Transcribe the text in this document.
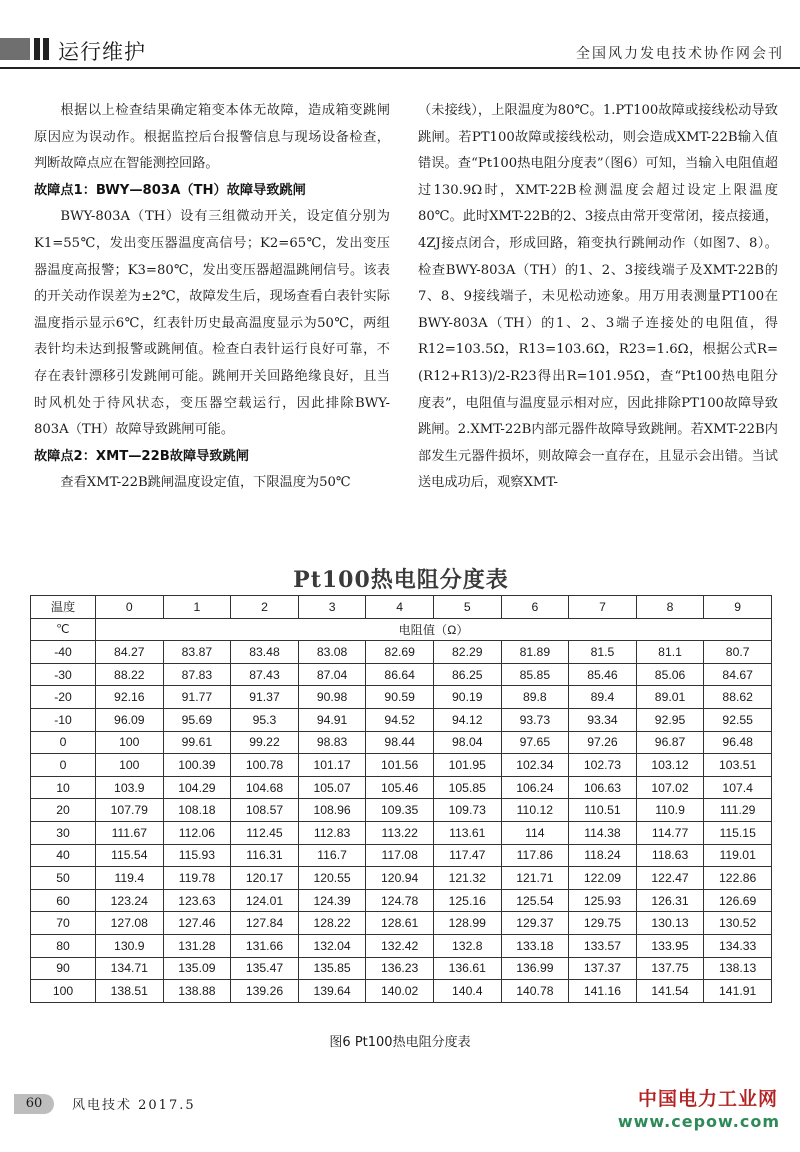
运行维护	全国风力发电技术协作网会刊

根据以上检查结果确定箱变本体无故障，造成箱变跳闸原因应为误动作。根据监控后台报警信息与现场设备检查，判断故障点应在智能测控回路。

故障点1：BWY—803A（TH）故障导致跳闸

BWY-803A（TH）设有三组微动开关，设定值分别为K1=55℃，发出变压器温度高信号；K2=65℃，发出变压器温度高报警；K3=80℃，发出变压器超温跳闸信号。该表的开关动作误差为±2℃，故障发生后，现场查看白表针实际温度指示显示6℃，红表针历史最高温度显示为50℃，两组表针均未达到报警或跳闸值。检查白表针运行良好可靠，不存在表针漂移引发跳闸可能。跳闸开关回路绝缘良好，且当时风机处于待风状态，变压器空载运行，因此排除BWY-803A（TH）故障导致跳闸可能。

故障点2：XMT—22B故障导致跳闸

查看XMT-22B跳闸温度设定值，下限温度为50℃

（未接线），上限温度为80℃。1.PT100故障或接线松动导致跳闸。若PT100故障或接线松动，则会造成XMT-22B输入值错误。查“Pt100热电阻分度表”（图6）可知，当输入电阻值超过130.9Ω时，XMT-22B检测温度会超过设定上限温度80℃。此时XMT-22B的2、3接点由常开变常闭，接点接通，4ZJ接点闭合，形成回路，箱变执行跳闸动作（如图7、8）。检查BWY-803A（TH）的1、2、3接线端子及XMT-22B的7、8、9接线端子，未见松动迹象。用万用表测量PT100在BWY-803A（TH）的1、2、3端子连接处的电阻值，得R12=103.5Ω，R13=103.6Ω，R23=1.6Ω，根据公式R=(R12+R13)/2-R23得出R=101.95Ω，查“Pt100热电阻分度表”，电阻值与温度显示相对应，因此排除PT100故障导致跳闸。2.XMT-22B内部元器件故障导致跳闸。若XMT-22B内部发生元器件损坏，则故障会一直存在，且显示会出错。当试送电成功后，观察XMT-

Pt100热电阻分度表
温度	0	1	2	3	4	5	6	7	8	9
℃	电阻值（Ω）									
-40	84.27	83.87	83.48	83.08	82.69	82.29	81.89	81.5	81.1	80.7
-30	88.22	87.83	87.43	87.04	86.64	86.25	85.85	85.46	85.06	84.67
-20	92.16	91.77	91.37	90.98	90.59	90.19	89.8	89.4	89.01	88.62
-10	96.09	95.69	95.3	94.91	94.52	94.12	93.73	93.34	92.95	92.55
0	100	99.61	99.22	98.83	98.44	98.04	97.65	97.26	96.87	96.48
0	100	100.39	100.78	101.17	101.56	101.95	102.34	102.73	103.12	103.51
10	103.9	104.29	104.68	105.07	105.46	105.85	106.24	106.63	107.02	107.4
20	107.79	108.18	108.57	108.96	109.35	109.73	110.12	110.51	110.9	111.29
30	111.67	112.06	112.45	112.83	113.22	113.61	114	114.38	114.77	115.15
40	115.54	115.93	116.31	116.7	117.08	117.47	117.86	118.24	118.63	119.01
50	119.4	119.78	120.17	120.55	120.94	121.32	121.71	122.09	122.47	122.86
60	123.24	123.63	124.01	124.39	124.78	125.16	125.54	125.93	126.31	126.69
70	127.08	127.46	127.84	128.22	128.61	128.99	129.37	129.75	130.13	130.52
80	130.9	131.28	131.66	132.04	132.42	132.8	133.18	133.57	133.95	134.33
90	134.71	135.09	135.47	135.85	136.23	136.61	136.99	137.37	137.75	138.13
100	138.51	138.88	139.26	139.64	140.02	140.4	140.78	141.16	141.54	141.91
图6 Pt100热电阻分度表
60	风电技术 2017.5	中国电力工业网
www.cepow.com
